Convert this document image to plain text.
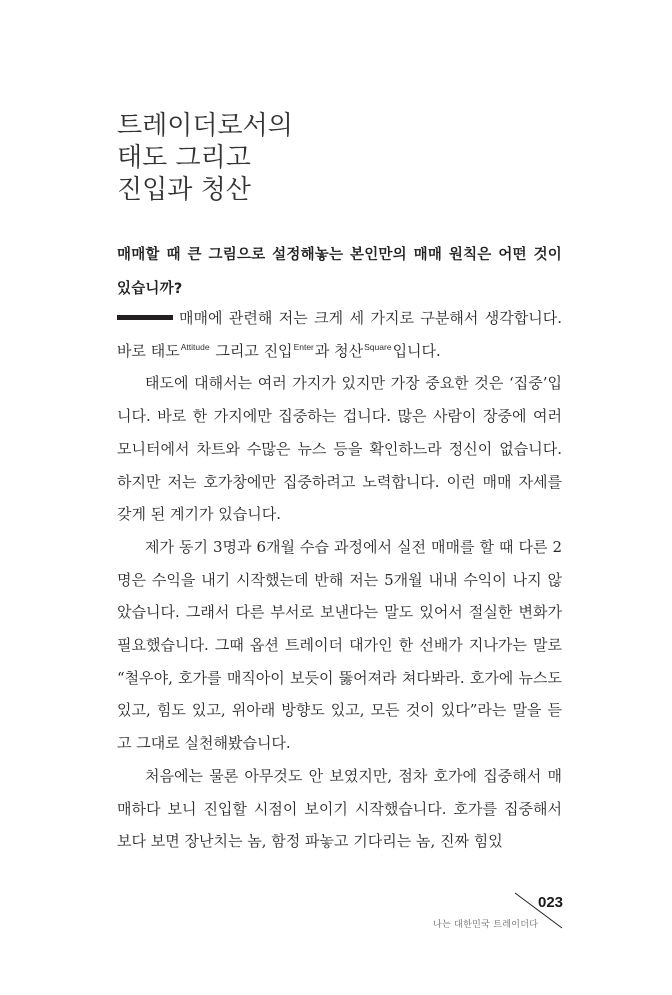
트레이더로서의
태도 그리고
진입과 청산

매매할 때 큰 그림으로 설정해놓는 본인만의 매매 원칙은 어떤 것이 있습니까?

매매에 관련해 저는 크게 세 가지로 구분해서 생각합니다. 바로 태도$^{Attitude}$ 그리고 진입$^{Enter}$과 청산$^{Square}$입니다.

태도에 대해서는 여러 가지가 있지만 가장 중요한 것은 ‘집중’입니다. 바로 한 가지에만 집중하는 겁니다. 많은 사람이 장중에 여러 모니터에서 차트와 수많은 뉴스 등을 확인하느라 정신이 없습니다. 하지만 저는 호가창에만 집중하려고 노력합니다. 이런 매매 자세를 갖게 된 계기가 있습니다.

제가 동기 3명과 6개월 수습 과정에서 실전 매매를 할 때 다른 2명은 수익을 내기 시작했는데 반해 저는 5개월 내내 수익이 나지 않았습니다. 그래서 다른 부서로 보낸다는 말도 있어서 절실한 변화가 필요했습니다. 그때 옵션 트레이더 대가인 한 선배가 지나가는 말로 “철우야, 호가를 매직아이 보듯이 뚫어져라 쳐다봐라. 호가에 뉴스도 있고, 힘도 있고, 위아래 방향도 있고, 모든 것이 있다”라는 말을 듣고 그대로 실천해봤습니다.

처음에는 물론 아무것도 안 보였지만, 점차 호가에 집중해서 매매하다 보니 진입할 시점이 보이기 시작했습니다. 호가를 집중해서 보다 보면 장난치는 놈, 함정 파놓고 기다리는 놈, 진짜 힘있

023
나는 대한민국 트레이더다
